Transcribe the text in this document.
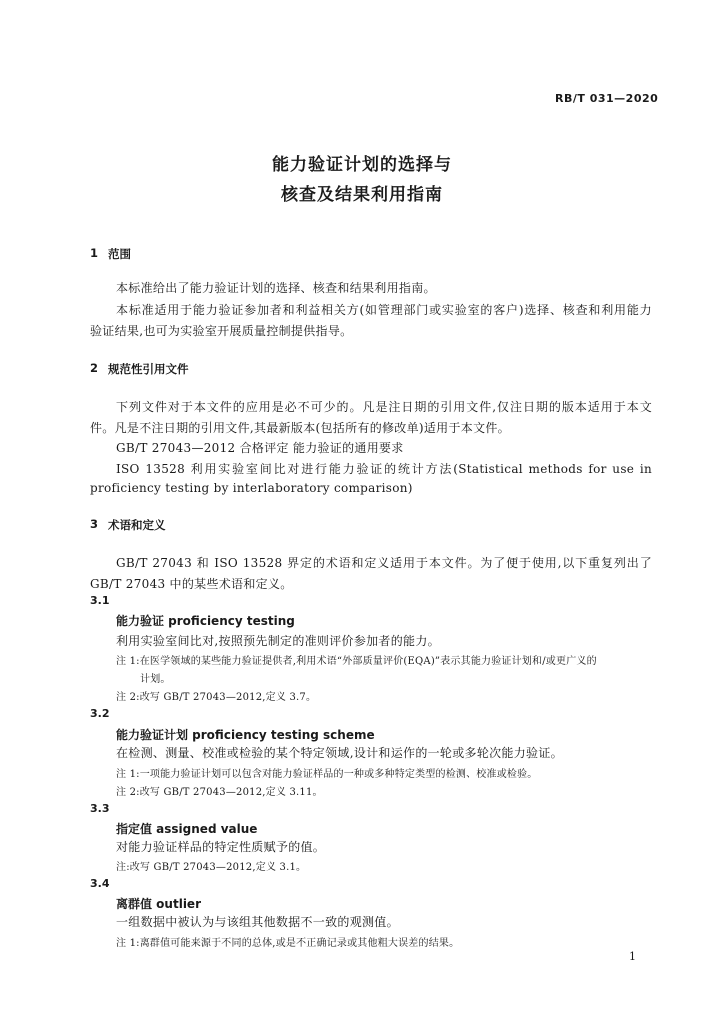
RB/T 031—2020
能力验证计划的选择与
核查及结果利用指南
1 范围
本标准给出了能力验证计划的选择、核查和结果利用指南。
本标准适用于能力验证参加者和利益相关方(如管理部门或实验室的客户)选择、核查和利用能力
验证结果,也可为实验室开展质量控制提供指导。
2 规范性引用文件
下列文件对于本文件的应用是必不可少的。凡是注日期的引用文件,仅注日期的版本适用于本文
件。凡是不注日期的引用文件,其最新版本(包括所有的修改单)适用于本文件。
GB/T 27043—2012 合格评定 能力验证的通用要求
ISO 13528 利用实验室间比对进行能力验证的统计方法(Statistical methods for use in
proficiency testing by interlaboratory comparison)
3 术语和定义
GB/T 27043 和 ISO 13528 界定的术语和定义适用于本文件。为了便于使用,以下重复列出了
GB/T 27043 中的某些术语和定义。
3.1
能力验证 proficiency testing
利用实验室间比对,按照预先制定的准则评价参加者的能力。
注 1:在医学领域的某些能力验证提供者,利用术语“外部质量评价(EQA)”表示其能力验证计划和/或更广义的
计划。
注 2:改写 GB/T 27043—2012,定义 3.7。
3.2
能力验证计划 proficiency testing scheme
在检测、测量、校准或检验的某个特定领域,设计和运作的一轮或多轮次能力验证。
注 1:一项能力验证计划可以包含对能力验证样品的一种或多种特定类型的检测、校准或检验。
注 2:改写 GB/T 27043—2012,定义 3.11。
3.3
指定值 assigned value
对能力验证样品的特定性质赋予的值。
注:改写 GB/T 27043—2012,定义 3.1。
3.4
离群值 outlier
一组数据中被认为与该组其他数据不一致的观测值。
注 1:离群值可能来源于不同的总体,或是不正确记录或其他粗大误差的结果。
1
